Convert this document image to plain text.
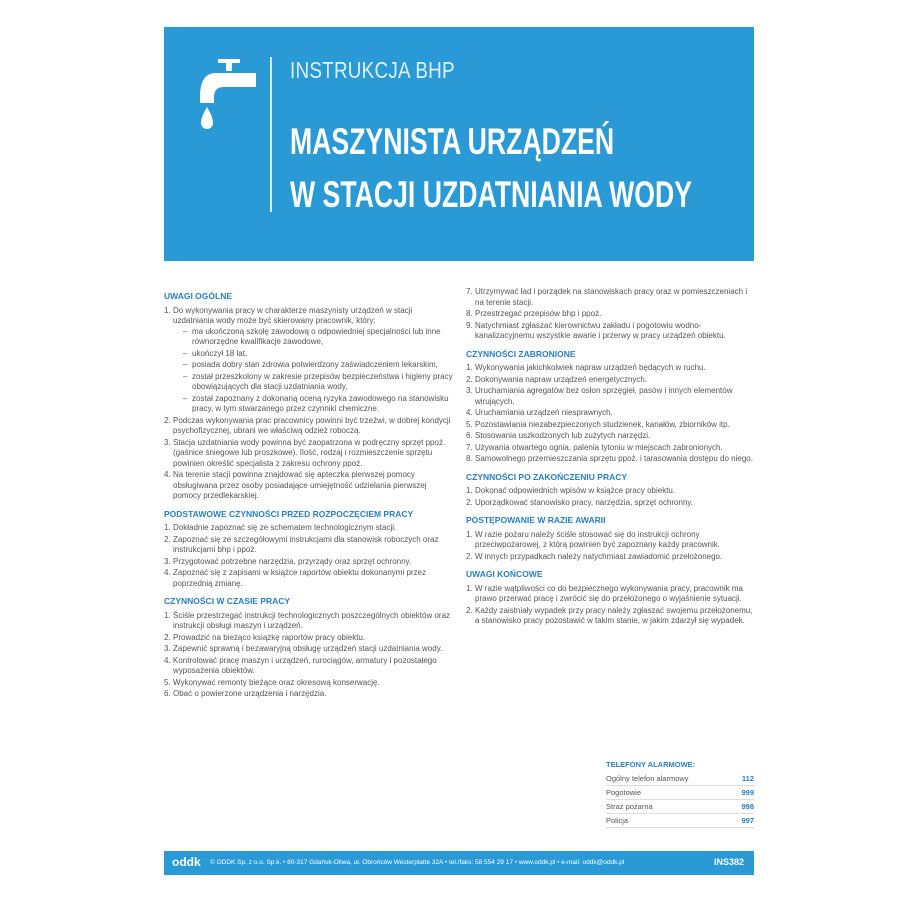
INSTRUKCJA BHP
MASZYNISTA URZĄDZEŃ
W STACJI UZDATNIANIA WODY
UWAGI OGÓLNE
1. Do wykonywania pracy w charakterze maszynisty urządzeń w stacji uzdatniania wody może być skierowany pracownik, który:
– ma ukończoną szkołę zawodową o odpowiedniej specjalności lub inne równorzędne kwalifikacje zawodowe,
– ukończył 18 lat,
– posiada dobry stan zdrowia potwierdzony zaświadczeniem lekarskim,
– został przeszkolony w zakresie przepisów bezpieczeństwa i higieny pracy obowiązujących dla stacji uzdatniania wody,
– został zapoznany z dokonaną oceną ryzyka zawodowego na stanowisku pracy, w tym stwarzanego przez czynniki chemiczne.
2. Podczas wykonywania prac pracownicy powinni być trzeźwi, w dobrej kondycji psychofizycznej, ubrani we właściwą odzież roboczą.
3. Stacja uzdatniania wody powinna być zaopatrzona w podręczny sprzęt ppoż. (gaśnice śniegowe lub proszkowe). Ilość, rodzaj i rozmieszczenie sprzętu powinien określić specjalista z zakresu ochrony ppoż.
4. Na terenie stacji powinna znajdować się apteczka pierwszej pomocy obsługiwana przez osoby posiadające umiejętność udzielania pierwszej pomocy przedlekarskiej.
PODSTAWOWE CZYNNOŚCI PRZED ROZPOCZĘCIEM PRACY
1. Dokładnie zapoznać się ze schematem technologicznym stacji.
2. Zapoznać się ze szczegółowymi instrukcjami dla stanowisk roboczych oraz instrukcjami bhp i ppoż.
3. Przygotować potrzebne narzędzia, przyrządy oraz sprzęt ochronny.
4. Zapoznać się z zapisami w książce raportów obiektu dokonanymi przez poprzednią zmianę.
CZYNNOŚCI W CZASIE PRACY
1. Ściśle przestrzegać instrukcji technologicznych poszczególnych obiektów oraz instrukcji obsługi maszyn i urządzeń.
2. Prowadzić na bieżąco książkę raportów pracy obiektu.
3. Zapewnić sprawną i bezawaryjną obsługę urządzeń stacji uzdatniania wody.
4. Kontrolować pracę maszyn i urządzeń, rurociągów, armatury i pozostałego wyposażenia obiektów.
5. Wykonywać remonty bieżące oraz okresową konserwację.
6. Obać o powierzone urządzenia i narzędzia.
7. Utrzymywać ład i porządek na stanowiskach pracy oraz w pomieszczeniach i na terenie stacji.
8. Przestrzegać przepisów bhp i ppoż.
9. Natychmiast zgłaszać kierownictwu zakładu i pogotowiu wodno-kanalizacyjnemu wszystkie awarie i przerwy w pracy urządzeń obiektu.
CZYNNOŚCI ZABRONIONE
1. Wykonywania jakichkolwiek napraw urządzeń będących w ruchu.
2. Dokonywania napraw urządzeń energetycznych.
3. Uruchamiania agregatów bez osłon sprzęgieł, pasów i innych elementów wirujących.
4. Uruchamiania urządzeń niesprawnych.
5. Pozostawiania niezabezpieczonych studzienek, kanałów, zbiorników itp.
6. Stosowania uszkodzonych lub zużytych narzędzi.
7. Używania otwartego ognia, palenia tytoniu w miejscach zabronionych.
8. Samowolnego przemieszczania sprzętu ppoż. i tarasowania dostępu do niego.
CZYNNOŚCI PO ZAKOŃCZENIU PRACY
1. Dokonać odpowiednich wpisów w książce pracy obiektu.
2. Uporządkować stanowisko pracy, narzędzia, sprzęt ochronny.
POSTĘPOWANIE W RAZIE AWARII
1. W razie pożaru należy ściśle stosować się do instrukcji ochrony przeciwpożarowej, z którą powinien być zapoznany każdy pracownik.
2. W innych przypadkach należy natychmiast zawiadomić przełożonego.
UWAGI KOŃCOWE
1. W razie wątpliwości co do bezpiecznego wykonywania pracy, pracownik ma prawo przerwać pracę i zwrócić się do przełożonego o wyjaśnienie sytuacji.
2. Każdy zaistniały wypadek przy pracy należy zgłaszać swojemu przełożonemu, a stanowisko pracy pozostawić w takim stanie, w jakim zdarzył się wypadek.
TELEFONY ALARMOWE:
Ogólny telefon alarmowy	112
Pogotowie	999
Straż pożarna	998
Policja	997
oddk © ODDK Sp. z o.o. Sp.k. • 80-317 Gdańsk-Oliwa, ul. Obrońców Westerplatte 32A • tel./faks: 58 554 29 17 • www.oddk.pl • e-mail: oddk@oddk.pl	INS382
